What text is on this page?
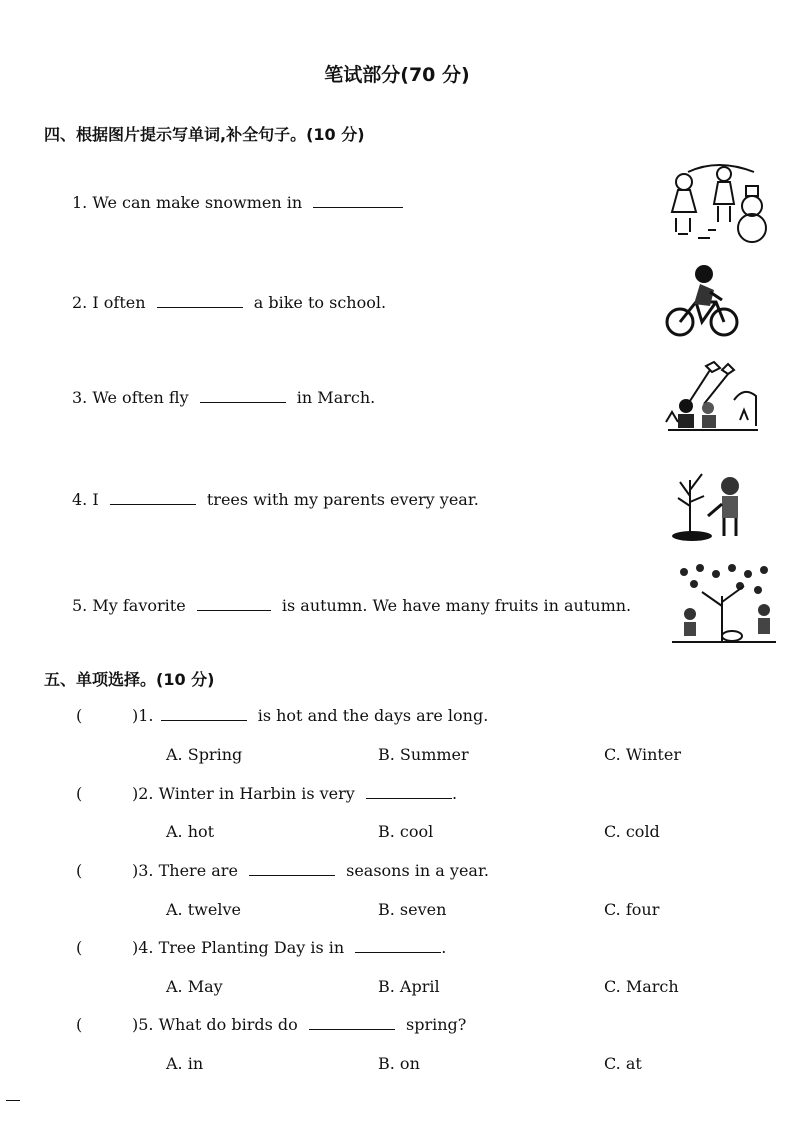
笔试部分(70 分)
四、根据图片提示写单词,补全句子。(10 分)
1. We can make snowmen in
2. I often	a bike to school.
3. We often fly	in March.
4. I	trees with my parents every year.
5. My favorite	is autumn. We have many fruits in autumn.
五、单项选择。(10 分)
(	)1.	is hot and the days are long.
A. Spring	B. Summer	C. Winter
(	)2. Winter in Harbin is very	.
A. hot	B. cool	C. cold
(	)3. There are	seasons in a year.
A. twelve	B. seven	C. four
(	)4. Tree Planting Day is in	.
A. May	B. April	C. March
(	)5. What do birds do	spring?
A. in	B. on	C. at
